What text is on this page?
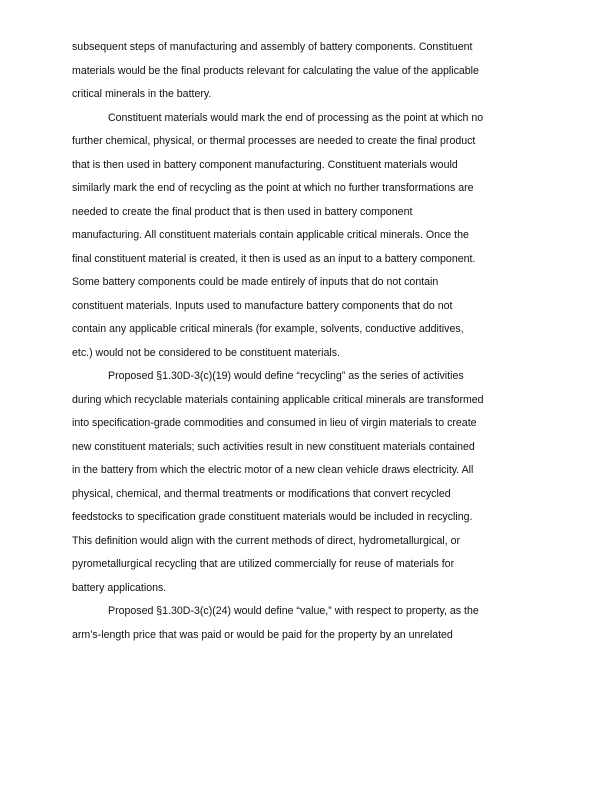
subsequent steps of manufacturing and assembly of battery components. Constituent
materials would be the final products relevant for calculating the value of the applicable
critical minerals in the battery.
Constituent materials would mark the end of processing as the point at which no
further chemical, physical, or thermal processes are needed to create the final product
that is then used in battery component manufacturing. Constituent materials would
similarly mark the end of recycling as the point at which no further transformations are
needed to create the final product that is then used in battery component
manufacturing. All constituent materials contain applicable critical minerals. Once the
final constituent material is created, it then is used as an input to a battery component.
Some battery components could be made entirely of inputs that do not contain
constituent materials. Inputs used to manufacture battery components that do not
contain any applicable critical minerals (for example, solvents, conductive additives,
etc.) would not be considered to be constituent materials.
Proposed §1.30D-3(c)(19) would define “recycling” as the series of activities
during which recyclable materials containing applicable critical minerals are transformed
into specification-grade commodities and consumed in lieu of virgin materials to create
new constituent materials; such activities result in new constituent materials contained
in the battery from which the electric motor of a new clean vehicle draws electricity. All
physical, chemical, and thermal treatments or modifications that convert recycled
feedstocks to specification grade constituent materials would be included in recycling.
This definition would align with the current methods of direct, hydrometallurgical, or
pyrometallurgical recycling that are utilized commercially for reuse of materials for
battery applications.
Proposed §1.30D-3(c)(24) would define “value,” with respect to property, as the
arm’s-length price that was paid or would be paid for the property by an unrelated
